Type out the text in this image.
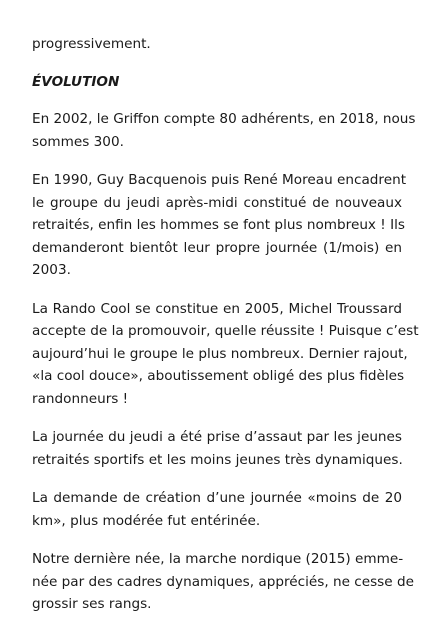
progressivement.
ÉVOLUTION
En 2002, le Griffon compte 80 adhérents, en 2018, nous
sommes 300.
En 1990, Guy Bacquenois puis René Moreau encadrent
le groupe du jeudi après-midi constitué de nouveaux
retraités, enfin les hommes se font plus nombreux ! Ils
demanderont bientôt leur propre journée (1/mois) en
2003.
La Rando Cool se constitue en 2005, Michel Troussard
accepte de la promouvoir, quelle réussite ! Puisque c’est
aujourd’hui le groupe le plus nombreux. Dernier rajout,
«la cool douce», aboutissement obligé des plus fidèles
randonneurs !
La journée du jeudi a été prise d’assaut par les jeunes
retraités sportifs et les moins jeunes très dynamiques.
La demande de création d’une journée «moins de 20
km», plus modérée fut entérinée.
Notre dernière née, la marche nordique (2015) emme-
née par des cadres dynamiques, appréciés, ne cesse de
grossir ses rangs.
